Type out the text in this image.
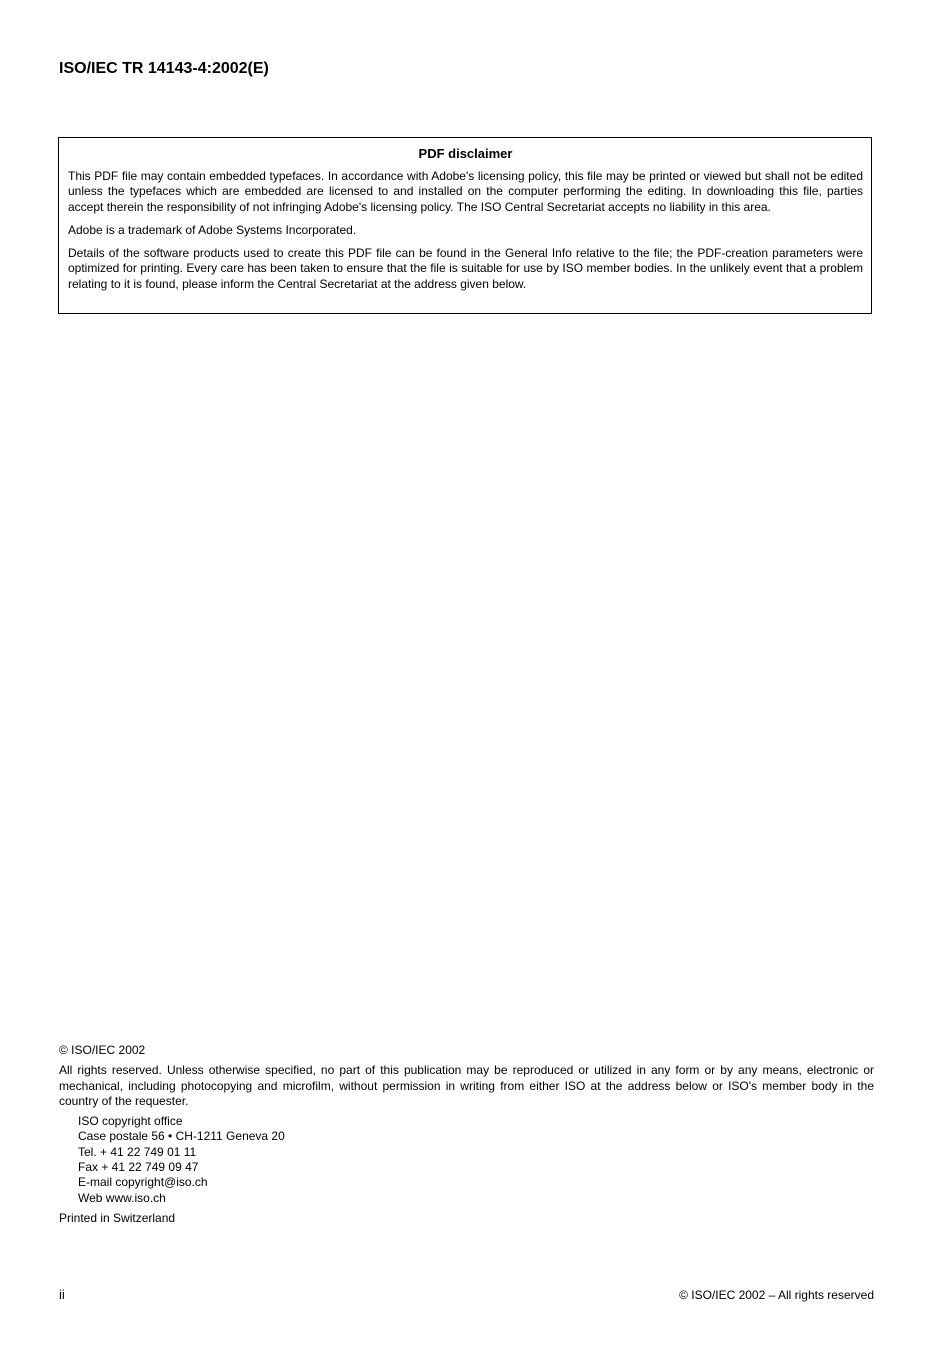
ISO/IEC TR 14143-4:2002(E)
PDF disclaimer

This PDF file may contain embedded typefaces. In accordance with Adobe's licensing policy, this file may be printed or viewed but shall not be edited unless the typefaces which are embedded are licensed to and installed on the computer performing the editing. In downloading this file, parties accept therein the responsibility of not infringing Adobe's licensing policy. The ISO Central Secretariat accepts no liability in this area.

Adobe is a trademark of Adobe Systems Incorporated.

Details of the software products used to create this PDF file can be found in the General Info relative to the file; the PDF-creation parameters were optimized for printing. Every care has been taken to ensure that the file is suitable for use by ISO member bodies. In the unlikely event that a problem relating to it is found, please inform the Central Secretariat at the address given below.

© ISO/IEC 2002

All rights reserved. Unless otherwise specified, no part of this publication may be reproduced or utilized in any form or by any means, electronic or mechanical, including photocopying and microfilm, without permission in writing from either ISO at the address below or ISO's member body in the country of the requester.

ISO copyright office
Case postale 56 • CH-1211 Geneva 20
Tel. + 41 22 749 01 11
Fax + 41 22 749 09 47
E-mail copyright@iso.ch
Web www.iso.ch

Printed in Switzerland

ii	© ISO/IEC 2002 – All rights reserved
